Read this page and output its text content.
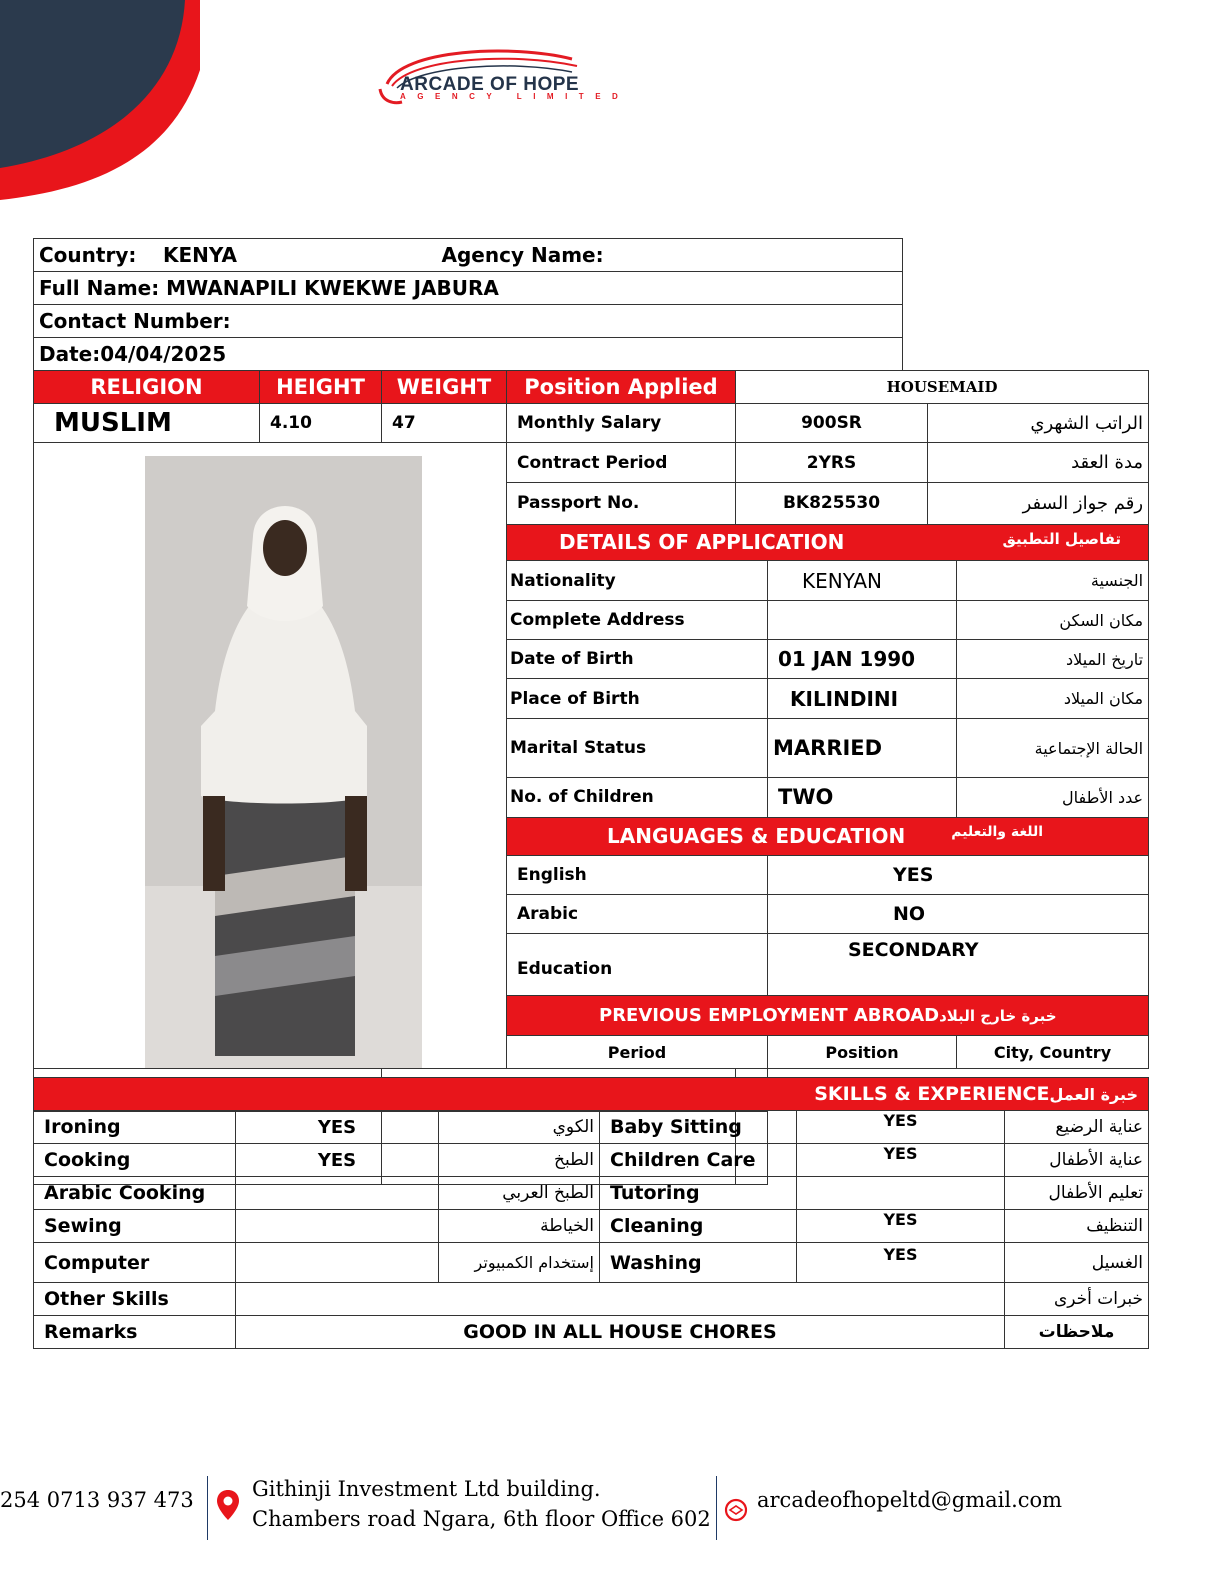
ARCADE OF HOPE
AGENCY LIMITED
Country: KENYA	Agency Name:	
Full Name: MWANAPILI KWEKWE JABURA
Contact Number:
Date:04/04/2025
RELIGION	HEIGHT	WEIGHT	Position Applied	HOUSEMAID				
MUSLIM	4.10	47	Monthly Salary	900SR		الراتب الشهري		

	Contract Period	2YRS		مدة العقد		
			Passport No.	BK825530		رقم جواز السفر		
			DETAILS OF APPLICATION تفاصيل التطبيق					

			Nationality		KENYAN		الجنسية	
			Complete Address				مكان السكن	
			Date of Birth		01 JAN 1990		تاريخ الميلاد	
			Place of Birth		KILINDINI		مكان الميلاد	
			Marital Status		MARRIED		الحالة الإجتماعية	
			No. of Children		TWO		عدد الأطفال	
			LANGUAGES & EDUCATION اللغة والتعليم					

			English		YES	
			Arabic		NO	
			Education		SECONDARY	
			PREVIOUS EMPLOYMENT ABROADخبرة خارج البلاد					
			Period		Position		City, Country	

SKILLS & EXPERIENCEخبرة العمل					
Ironing	YES	الكوي	Baby Sitting	YES	عناية الرضيع
Cooking	YES	الطبخ	Children Care	YES	عناية الأطفال
Arabic Cooking		الطبخ العربي	Tutoring		تعليم الأطفال
Sewing		الخياطة	Cleaning	YES	التنظيف
Computer		إستخدام الكمبيوتر	Washing	YES	الغسيل
Other Skills					خبرات أخرى
Remarks	GOOD IN ALL HOUSE CHORES				ملاحظات
254 0713 937 473	Githinji Investment Ltd building.
Chambers road Ngara, 6th floor Office 602
arcadeofhopeltd@gmail.com
